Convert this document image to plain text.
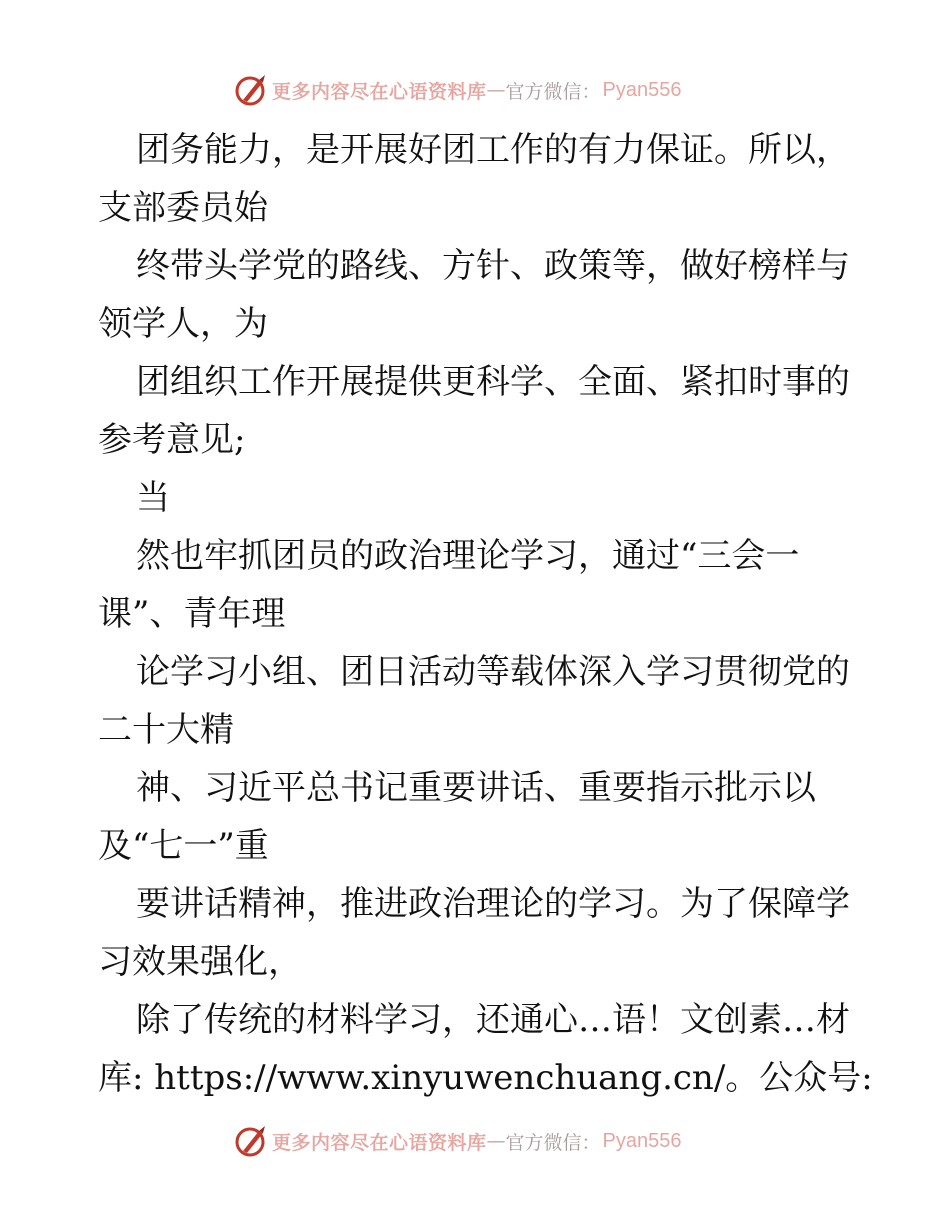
更多内容尽在心语资料库 — 官方微信： Pyan556
团务能力，是开展好团工作的有力保证。所以，
支部委员始
终带头学党的路线、方针、政策等，做好榜样与
领学人，为
团组织工作开展提供更科学、全面、紧扣时事的
参考意见;
当
然也牢抓团员的政治理论学习，通过“三会一
课”、青年理
论学习小组、团日活动等载体深入学习贯彻党的
二十大精
神、习近平总书记重要讲话、重要指示批示以
及“七一”重
要讲话精神，推进政治理论的学习。为了保障学
习效果强化，
除了传统的材料学习，还通心…语！文创素…材
库: https://www.xinyuwenchuang.cn/。公众号:
更多内容尽在心语资料库 — 官方微信： Pyan556
